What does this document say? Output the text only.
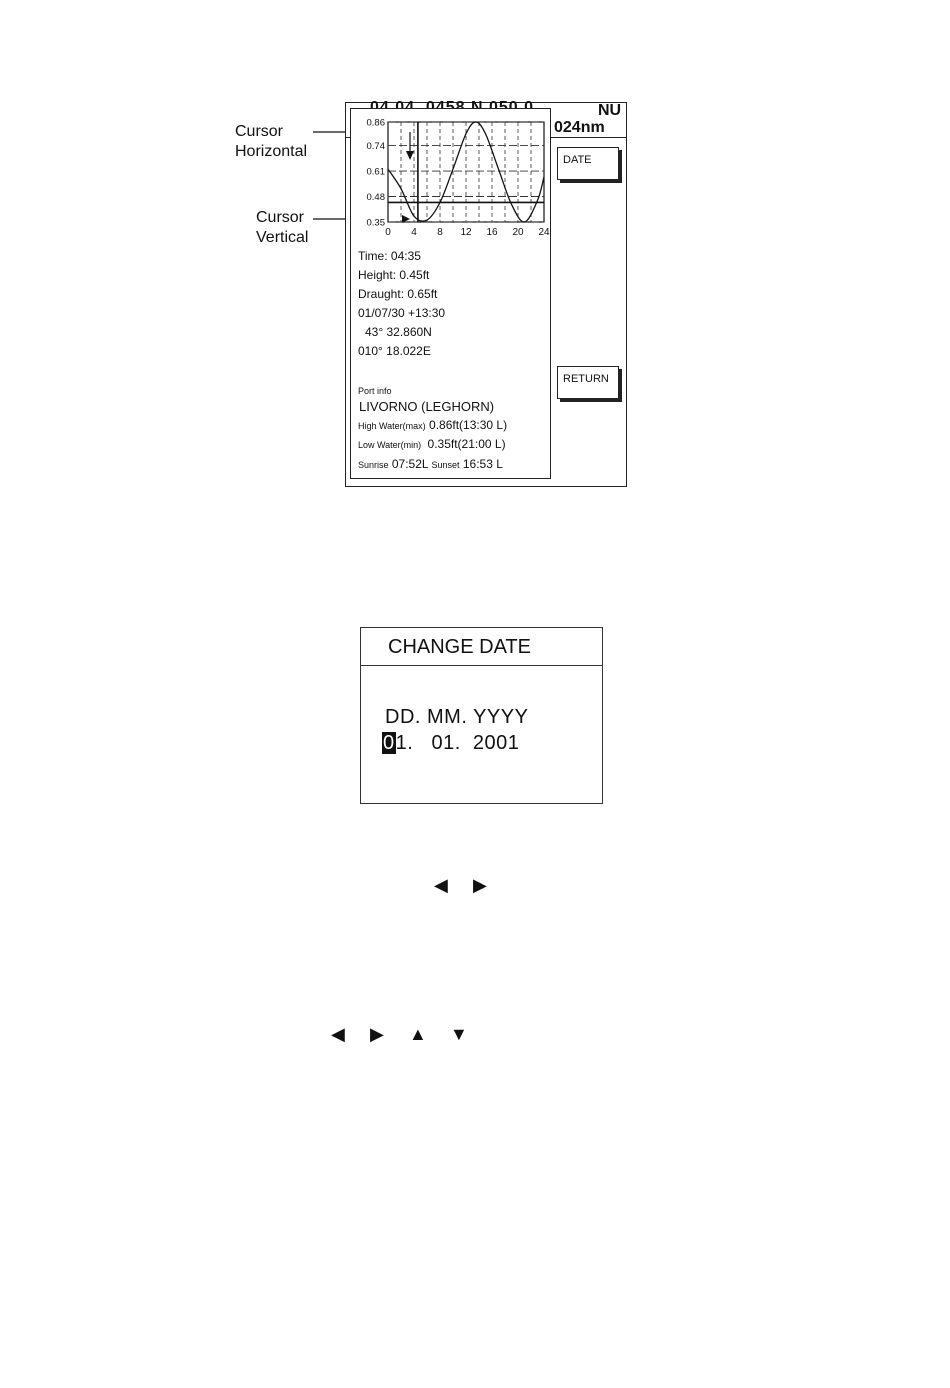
Cursor
Horizontal
Cursor
Vertical
NU
024nm
0.86
0.74
0.61
0.48
0.35
0 4 8 12 16 20 24
Time: 04:35
Height: 0.45ft
Draught: 0.65ft
01/07/30 +13:30
43° 32.860N
010° 18.022E
Port info
LIVORNO (LEGHORN)
High Water(max) 0.86ft(13:30 L)
Low Water(min) 0.35ft(21:00 L)
Sunrise 07:52L Sunset 16:53 L
DATE
RETURN
CHANGE DATE
DD. MM. YYYY
01.   01.  2001
◀ ▶
◀ ▶ ▲ ▼
